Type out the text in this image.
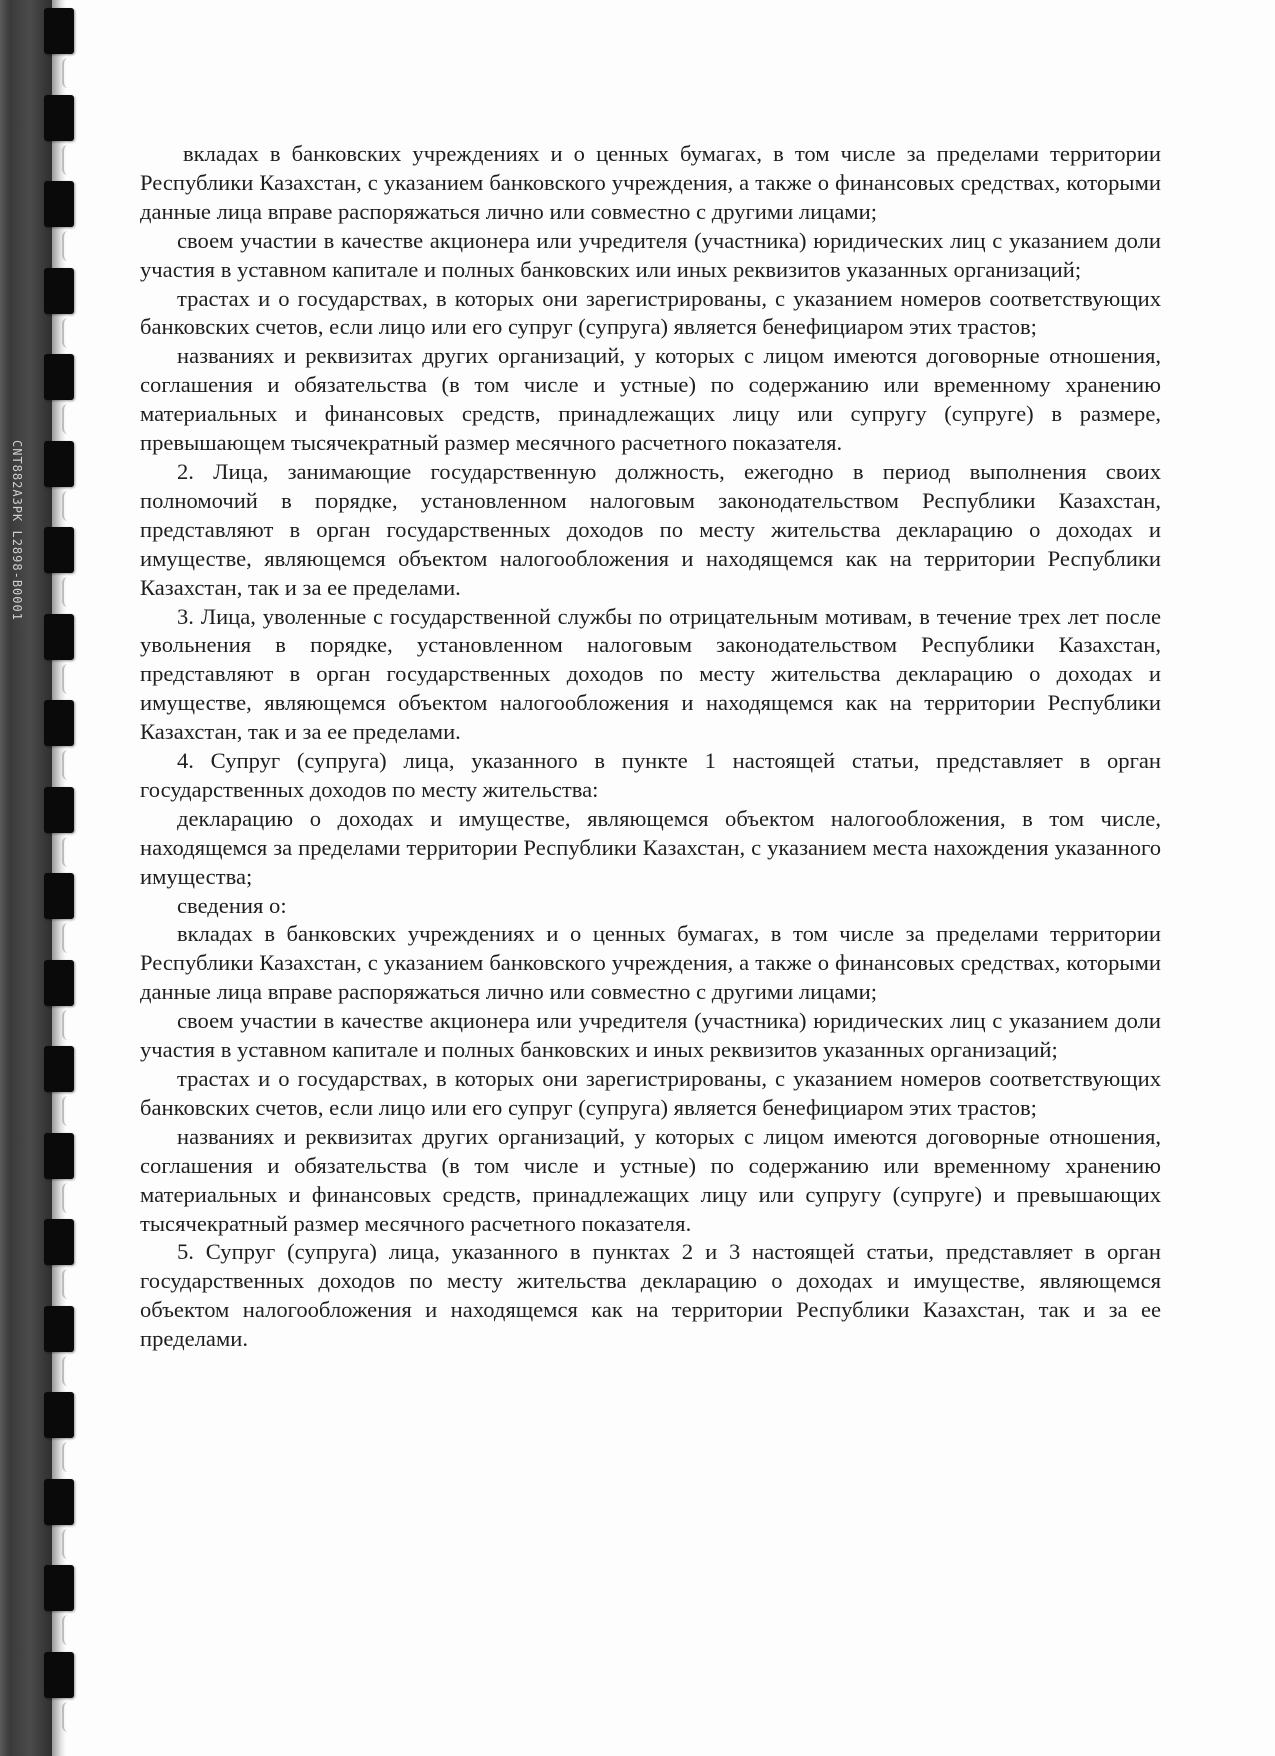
CNT882A3PK L2898-B0001

вкладах в банковских учреждениях и о ценных бумагах, в том числе за пределами территории Республики Казахстан, с указанием банковского учреждения, а также о финансовых средствах, которыми данные лица вправе распоряжаться лично или совместно с другими лицами;

своем участии в качестве акционера или учредителя (участника) юридических лиц с указанием доли участия в уставном капитале и полных банковских или иных реквизитов указанных организаций;

трастах и о государствах, в которых они зарегистрированы, с указанием номеров соответствующих банковских счетов, если лицо или его супруг (супруга) является бенефициаром этих трастов;

названиях и реквизитах других организаций, у которых с лицом имеются договорные отношения, соглашения и обязательства (в том числе и устные) по содержанию или временному хранению материальных и финансовых средств, принадлежащих лицу или супругу (супруге) в размере, превышающем тысячекратный размер месячного расчетного показателя.

2. Лица, занимающие государственную должность, ежегодно в период выполнения своих полномочий в порядке, установленном налоговым законодательством Республики Казахстан, представляют в орган государственных доходов по месту жительства декларацию о доходах и имуществе, являющемся объектом налогообложения и находящемся как на территории Республики Казахстан, так и за ее пределами.

3. Лица, уволенные с государственной службы по отрицательным мотивам, в течение трех лет после увольнения в порядке, установленном налоговым законодательством Республики Казахстан, представляют в орган государственных доходов по месту жительства декларацию о доходах и имуществе, являющемся объектом налогообложения и находящемся как на территории Республики Казахстан, так и за ее пределами.

4. Супруг (супруга) лица, указанного в пункте 1 настоящей статьи, представляет в орган государственных доходов по месту жительства:

декларацию о доходах и имуществе, являющемся объектом налогообложения, в том числе, находящемся за пределами территории Республики Казахстан, с указанием места нахождения указанного имущества;

сведения о:

вкладах в банковских учреждениях и о ценных бумагах, в том числе за пределами территории Республики Казахстан, с указанием банковского учреждения, а также о финансовых средствах, которыми данные лица вправе распоряжаться лично или совместно с другими лицами;

своем участии в качестве акционера или учредителя (участника) юридических лиц с указанием доли участия в уставном капитале и полных банковских и иных реквизитов указанных организаций;

трастах и о государствах, в которых они зарегистрированы, с указанием номеров соответствующих банковских счетов, если лицо или его супруг (супруга) является бенефициаром этих трастов;

названиях и реквизитах других организаций, у которых с лицом имеются договорные отношения, соглашения и обязательства (в том числе и устные) по содержанию или временному хранению материальных и финансовых средств, принадлежащих лицу или супругу (супруге) и превышающих тысячекратный размер месячного расчетного показателя.

5. Супруг (супруга) лица, указанного в пунктах 2 и 3 настоящей статьи, представляет в орган государственных доходов по месту жительства декларацию о доходах и имуществе, являющемся объектом налогообложения и находящемся как на территории Республики Казахстан, так и за ее пределами.
